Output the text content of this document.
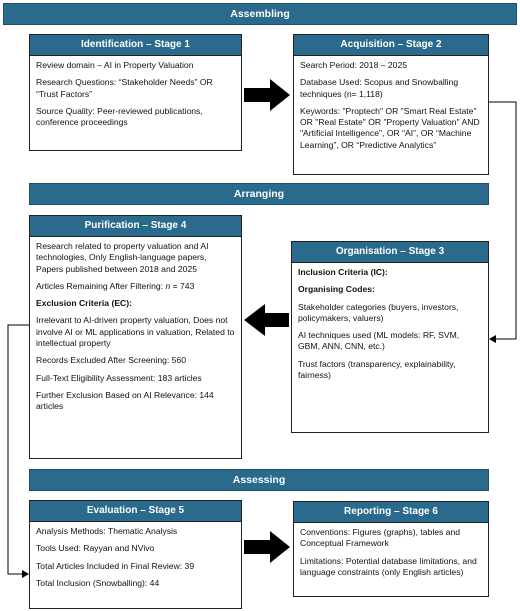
Assembling
Arranging
Assessing
Identification – Stage 1

Review domain – AI in Property Valuation

Research Questions: “Stakeholder Needs” OR “Trust Factors”

Source Quality: Peer-reviewed publications, conference proceedings

Acquisition – Stage 2

Search Period: 2018 – 2025

Database Used: Scopus and Snowballing techniques (n= 1,118)

Keywords: "Proptech" OR "Smart Real Estate" OR "Real Estate" OR "Property Valuation" AND "Artificial Intelligence", OR “AI”, OR “Machine Learning”, OR “Predictive Analytics”

Purification – Stage 4

Research related to property valuation and AI technologies, Only English-language papers, Papers published between 2018 and 2025

Articles Remaining After Filtering: n = 743

Exclusion Criteria (EC):

Irrelevant to AI-driven property valuation, Does not involve AI or ML applications in valuation, Related to intellectual property

Records Excluded After Screening: 560

Full-Text Eligibility Assessment: 183 articles

Further Exclusion Based on AI Relevance: 144 articles

Organisation – Stage 3

Inclusion Criteria (IC):

Organising Codes:

Stakeholder categories (buyers, investors, policymakers, valuers)

AI techniques used (ML models: RF, SVM, GBM, ANN, CNN, etc.)

Trust factors (transparency, explainability, fairness)

Evaluation – Stage 5

Analysis Methods: Thematic Analysis

Tools Used: Rayyan and NVivo

Total Articles Included in Final Review: 39

Total Inclusion (Snowballing): 44

Reporting – Stage 6

Conventions: Figures (graphs), tables and Conceptual Framework

Limitations: Potential database limitations, and language constraints (only English articles)
